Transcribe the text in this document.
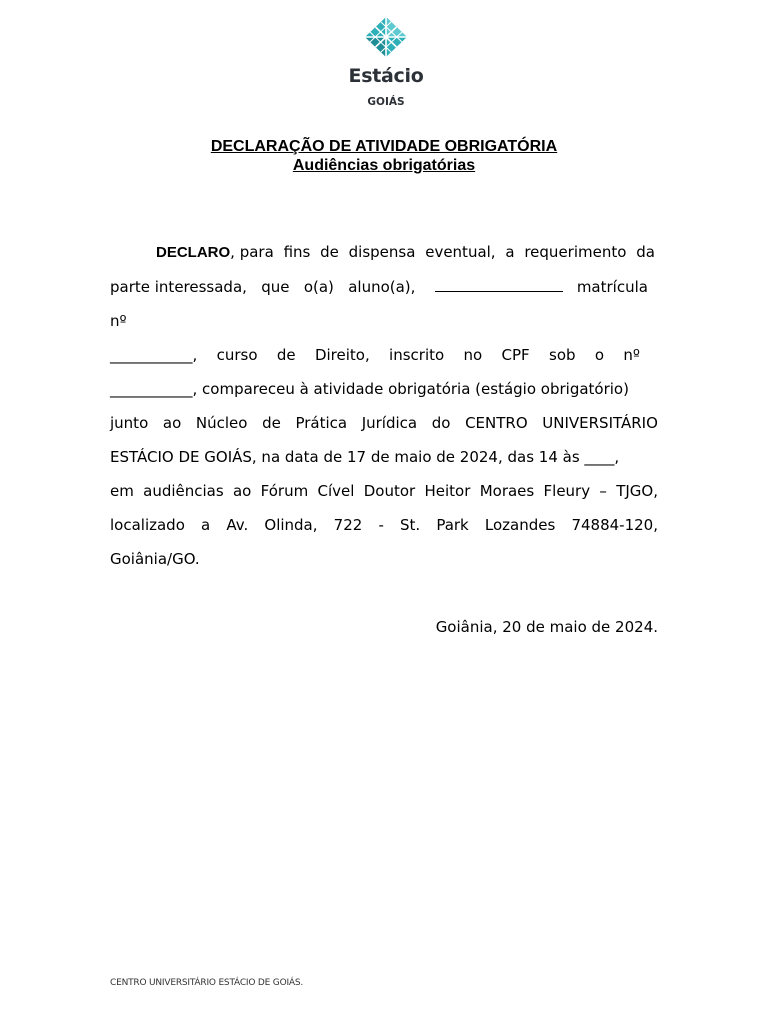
Estácio
GOIÁS
DECLARAÇÃO DE ATIVIDADE OBRIGATÓRIA
Audiências obrigatórias
DECLARO, para fins de dispensa eventual, a requerimento da
parte interessada, que o(a) aluno(a),	matrícula
nº
___________, curso de Direito, inscrito no CPF sob o nº
___________, compareceu à atividade obrigatória (estágio obrigatório)
junto ao Núcleo de Prática Jurídica do CENTRO UNIVERSITÁRIO
ESTÁCIO DE GOIÁS, na data de 17 de maio de 2024, das 14 às ____,
em audiências ao Fórum Cível Doutor Heitor Moraes Fleury – TJGO,
localizado a Av. Olinda, 722 - St. Park Lozandes 74884-120,
Goiânia/GO.
Goiânia, 20 de maio de 2024.
CENTRO UNIVERSITÁRIO ESTÁCIO DE GOIÁS.
